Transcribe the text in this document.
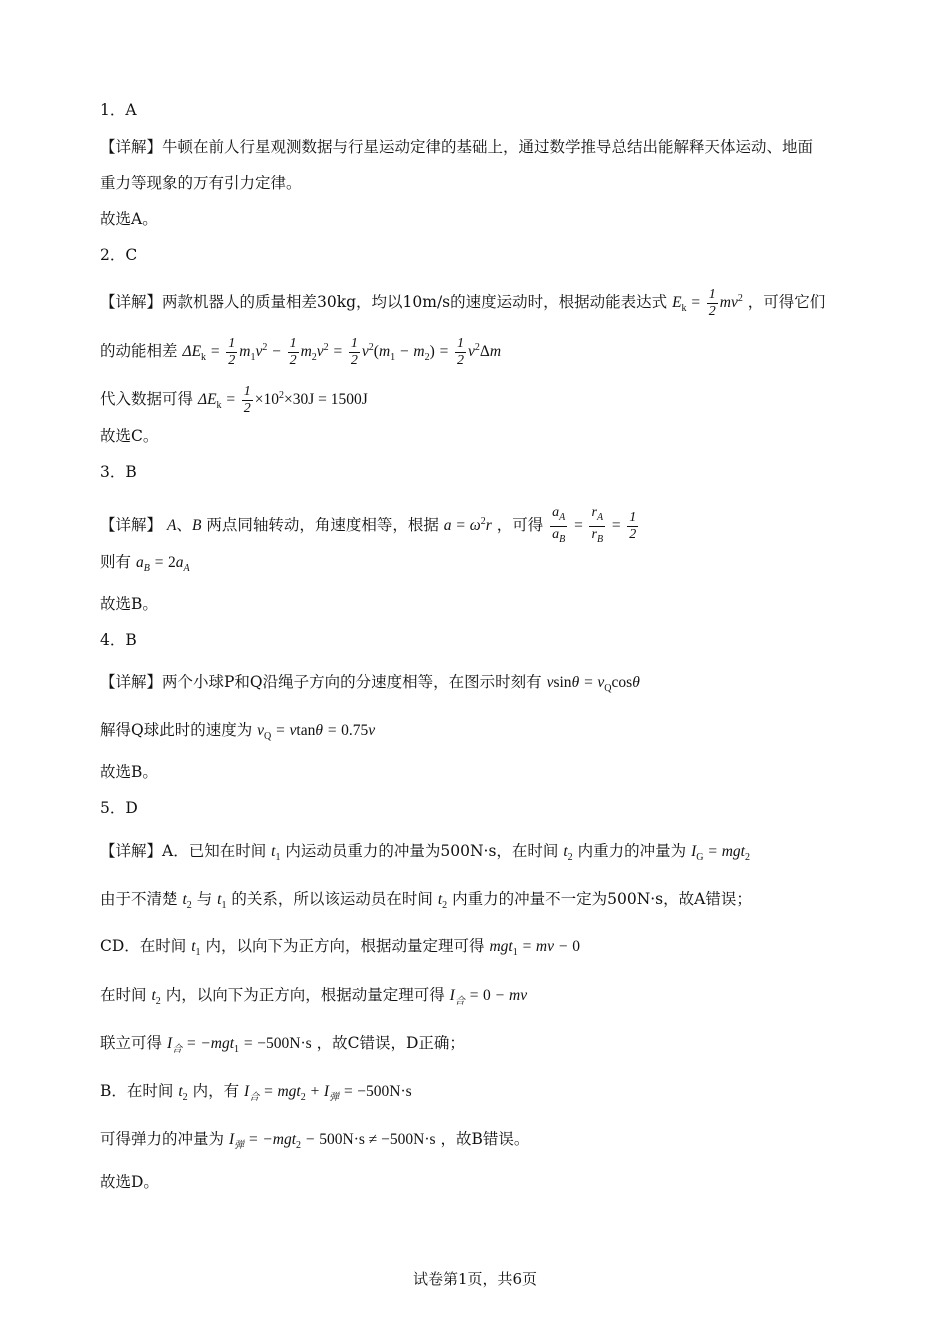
1．A
【详解】牛顿在前人行星观测数据与行星运动定律的基础上，通过数学推导总结出能解释天体运动、地面
重力等现象的万有引力定律。
故选A。
2．C
【详解】两款机器人的质量相差30kg，均以10m/s的速度运动时，根据动能表达式 $E_k = \frac{1}{2} mv^2$ ，可得它们
的动能相差 $\Delta E_k = \frac{1}{2} m_1v^2 - \frac{1}{2} m_2v^2 = \frac{1}{2} v^2(m_1 - m_2) = \frac{1}{2} v^2\Delta m$
代入数据可得 $\Delta E_k = \frac{1}{2} \times 10^2\times 30J = 1500J$
故选C。
3．B
【详解】 A、B 两点同轴转动，角速度相等，根据 $a = \omega^2r$ ，可得 $\frac{a_A}{a_B} = \frac{r_A}{r_B} = \frac{1}{2}$
则有 $a_B = 2a_A$
故选B。
4．B
【详解】两个小球P和Q沿绳子方向的分速度相等，在图示时刻有 $vsin\theta = v_Q\cos\theta$
解得Q球此时的速度为 $v_Q = vtan\theta = 0.75v$
故选B。
5．D
【详解】A．已知在时间 $t_1$ 内运动员重力的冲量为500N·s，在时间 $t_2$ 内重力的冲量为 $I_G = mgt_2$
由于不清楚 $t_2$ 与 $t_1$ 的关系，所以该运动员在时间 $t_2$ 内重力的冲量不一定为500N·s，故A错误；
CD．在时间 $t_1$ 内，以向下为正方向，根据动量定理可得 mgt$_1$ = mv − 0
在时间 $t_2$ 内，以向下为正方向，根据动量定理可得 $I_合 = 0$ − mv
联立可得 $I_合 = -mgt_1 = -500N\cdot s$ ，故C错误，D正确；
B．在时间 $t_2$ 内，有 $I_合 = mgt_2 + I_弹 = -500N\cdot s$
可得弹力的冲量为 $I_弹 = -mgt_2 - 500N\cdot s \ne -500N\cdot s$ ，故B错误。
故选D。
试卷第1页，共6页
